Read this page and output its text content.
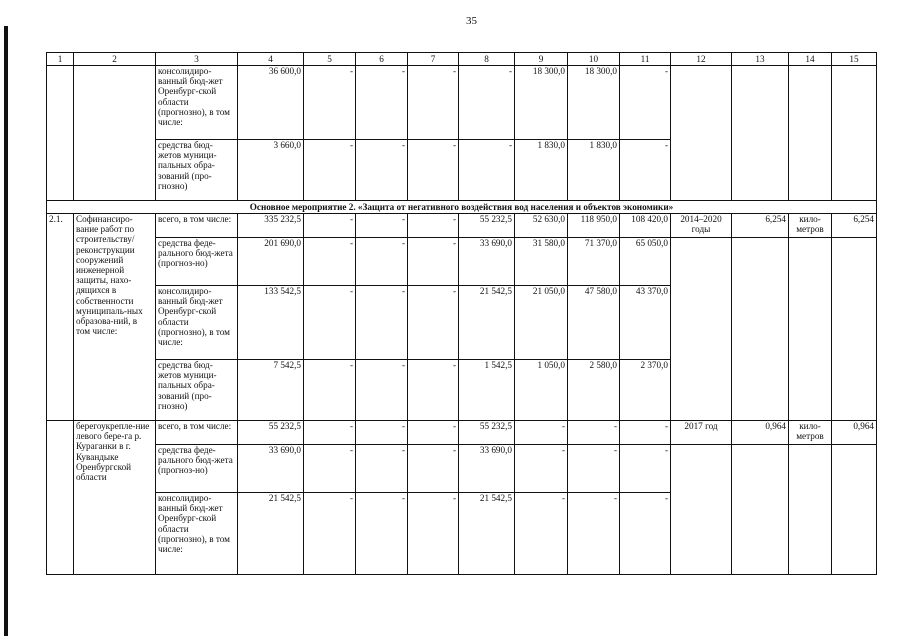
35
1	2	3	4	5	6	7	8	9	10	11	12	13	14	15
		консолидиро-ванный бюд-жет Оренбург-ской области (прогнозно), в том числе:	36 600,0	-	-	-	-	18 300,0	18 300,0	-				
		средства бюд-жетов муници-пальных обра-зований (про-гнозно)	3 660,0	-	-	-	-	1 830,0	1 830,0	-				
Основное мероприятие 2. «Защита от негативного воздействия вод населения и объектов экономики»														
2.1.	Софинансиро-вание работ по строительству/ реконструкции сооружений инженерной защиты, нахо-дящихся в собственности муниципаль-ных образова-ний, в том числе:	всего, в том числе:	335 232,5	-	-	-	55 232,5	52 630,0	118 950,0	108 420,0	2014–2020 годы	6,254	кило-метров	6,254
		средства феде-рального бюд-жета (прогноз-но)	201 690,0	-	-	-	33 690,0	31 580,0	71 370,0	65 050,0				
		консолидиро-ванный бюд-жет Оренбург-ской области (прогнозно), в том числе:	133 542,5	-	-	-	21 542,5	21 050,0	47 580,0	43 370,0				
		средства бюд-жетов муници-пальных обра-зований (про-гнозно)	7 542,5	-	-	-	1 542,5	1 050,0	2 580,0	2 370,0				
	берегоукрепле-ние левого бере-га р. Кураганки в г. Кувандыке Оренбургской области	всего, в том числе:	55 232,5	-	-	-	55 232,5	-	-	-	2017 год	0,964	кило-метров	0,964
		средства феде-рального бюд-жета (прогноз-но)	33 690,0	-	-	-	33 690,0	-	-	-				
		консолидиро-ванный бюд-жет Оренбург-ской области (прогнозно), в том числе:	21 542,5	-	-	-	21 542,5	-	-	-				
